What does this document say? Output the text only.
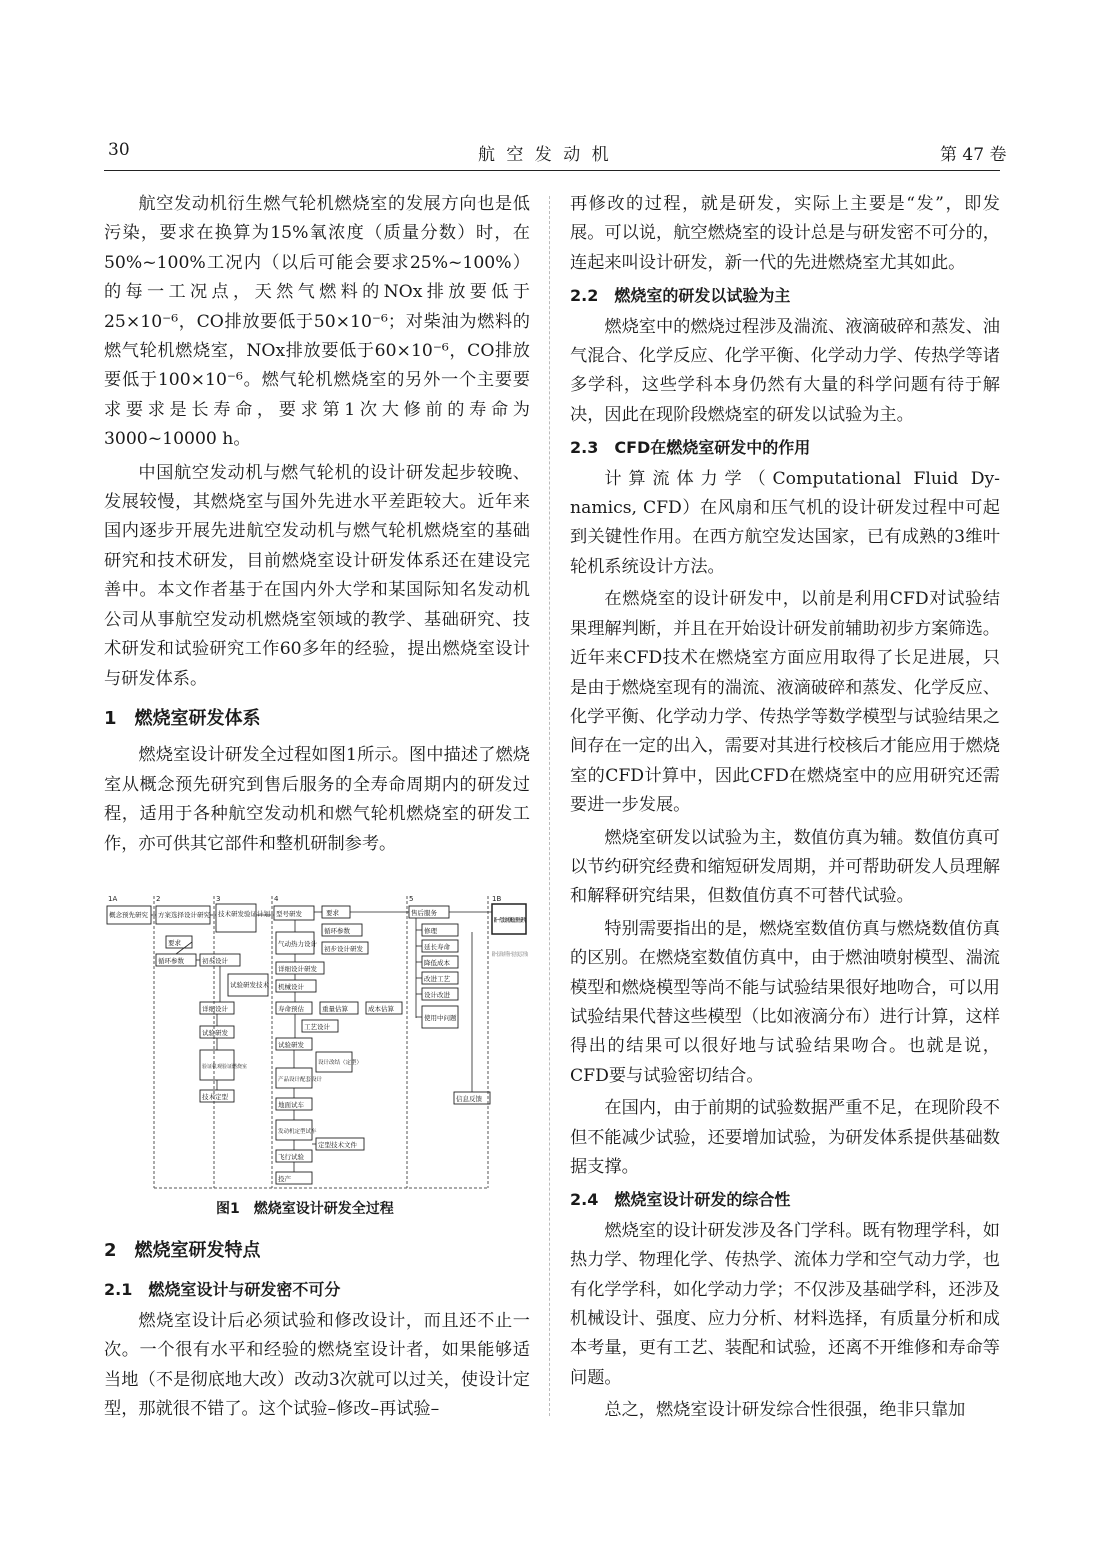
30	航 空 发 动 机	第 47 卷

航空发动机衍生燃气轮机燃烧室的发展方向也是低污染，要求在换算为15%氧浓度（质量分数）时，在50%~100%工况内（以后可能会要求25%~100%）的每一工况点，天然气燃料的NOx排放要低于25×10⁻⁶，CO排放要低于50×10⁻⁶；对柴油为燃料的燃气轮机燃烧室，NOx排放要低于60×10⁻⁶，CO排放要低于100×10⁻⁶。燃气轮机燃烧室的另外一个主要要求要求是长寿命，要求第1次大修前的寿命为3000~10000 h。

中国航空发动机与燃气轮机的设计研发起步较晚、发展较慢，其燃烧室与国外先进水平差距较大。近年来国内逐步开展先进航空发动机与燃气轮机燃烧室的基础研究和技术研发，目前燃烧室设计研发体系还在建设完善中。本文作者基于在国内外大学和某国际知名发动机公司从事航空发动机燃烧室领域的教学、基础研究、技术研发和试验研究工作60多年的经验，提出燃烧室设计与研发体系。

1　燃烧室研发体系

燃烧室设计研发全过程如图1所示。图中描述了燃烧室从概念预先研究到售后服务的全寿命周期内的研发过程，适用于各种航空发动机和燃气轮机燃烧室的研发工作，亦可供其它部件和整机研制参考。

1A	2	3	4	5	1B
概念预先研究 方案选择设计研究 技术研发验证计划 型号研发	要求	售后服务
要求
循环参数	初步设计
试验研发技术
详细设计
试验研发
验证机观验证燃烧室
技术定型
气动热力设计
循环参数
初步设计研发
详细设计研发
机械设计
寿命预估	重量估算	成本估算
工艺设计
试验研发
设计改结（定型）
产品设计配套设计
地面试车
发动机定型试车
定型技术文件
飞行试验
投产
修理
延长寿命
降低成本
改进工艺
设计改进
使用中问题
信息反馈
新一代发动机
新的一轮又开始
图1　燃烧室设计研发全过程
2　燃烧室研发特点
2.1　燃烧室设计与研发密不可分

燃烧室设计后必须试验和修改设计，而且还不止一次。一个很有水平和经验的燃烧室设计者，如果能够适当地（不是彻底地大改）改动3次就可以过关，使设计定型，那就很不错了。这个试验–修改–再试验–

再修改的过程，就是研发，实际上主要是“发”，即发展。可以说，航空燃烧室的设计总是与研发密不可分的，连起来叫设计研发，新一代的先进燃烧室尤其如此。

2.2　燃烧室的研发以试验为主

燃烧室中的燃烧过程涉及湍流、液滴破碎和蒸发、油气混合、化学反应、化学平衡、化学动力学、传热学等诸多学科，这些学科本身仍然有大量的科学问题有待于解决，因此在现阶段燃烧室的研发以试验为主。

2.3　CFD在燃烧室研发中的作用

计算流体力学（Computational Fluid Dy-namics, CFD）在风扇和压气机的设计研发过程中可起到关键性作用。在西方航空发达国家，已有成熟的3维叶轮机系统设计方法。

在燃烧室的设计研发中，以前是利用CFD对试验结果理解判断，并且在开始设计研发前辅助初步方案筛选。近年来CFD技术在燃烧室方面应用取得了长足进展，只是由于燃烧室现有的湍流、液滴破碎和蒸发、化学反应、化学平衡、化学动力学、传热学等数学模型与试验结果之间存在一定的出入，需要对其进行校核后才能应用于燃烧室的CFD计算中，因此CFD在燃烧室中的应用研究还需要进一步发展。

燃烧室研发以试验为主，数值仿真为辅。数值仿真可以节约研究经费和缩短研发周期，并可帮助研发人员理解和解释研究结果，但数值仿真不可替代试验。

特别需要指出的是，燃烧室数值仿真与燃烧数值仿真的区别。在燃烧室数值仿真中，由于燃油喷射模型、湍流模型和燃烧模型等尚不能与试验结果很好地吻合，可以用试验结果代替这些模型（比如液滴分布）进行计算，这样得出的结果可以很好地与试验结果吻合。也就是说，CFD要与试验密切结合。

在国内，由于前期的试验数据严重不足，在现阶段不但不能减少试验，还要增加试验，为研发体系提供基础数据支撑。

2.4　燃烧室设计研发的综合性

燃烧室的设计研发涉及各门学科。既有物理学科，如热力学、物理化学、传热学、流体力学和空气动力学，也有化学学科，如化学动力学；不仅涉及基础学科，还涉及机械设计、强度、应力分析、材料选择，有质量分析和成本考量，更有工艺、装配和试验，还离不开维修和寿命等问题。

总之，燃烧室设计研发综合性很强，绝非只靠加
